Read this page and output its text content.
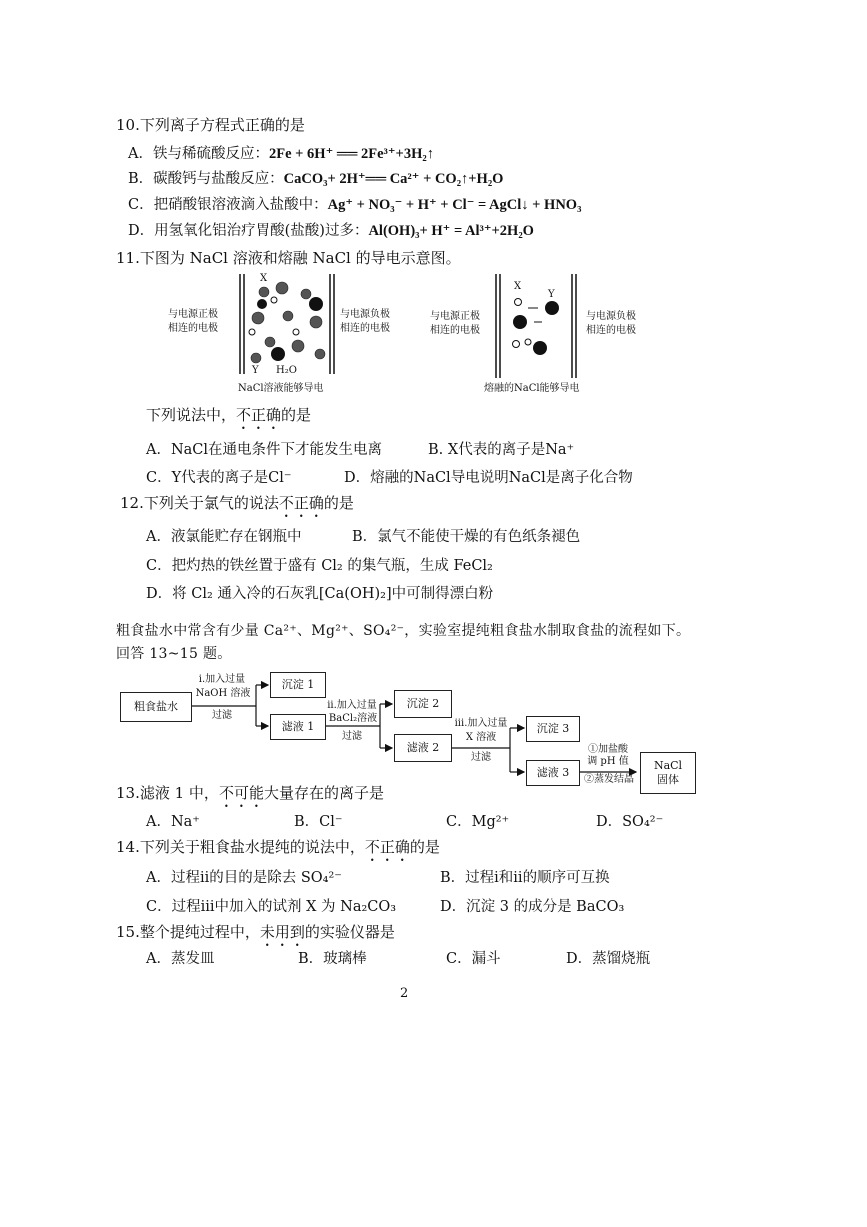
10.下列离子方程式正确的是
A．铁与稀硫酸反应：2Fe + 6H⁺ ══ 2Fe³⁺+3H₂↑
B．碳酸钙与盐酸反应：CaCO₃+ 2H⁺══ Ca²⁺ + CO₂↑+H₂O
C．把硝酸银溶液滴入盐酸中：Ag⁺ + NO₃⁻ + H⁺ + Cl⁻ = AgCl↓ + HNO₃
D．用氢氧化铝治疗胃酸(盐酸)过多：Al(OH)₃+ H⁺ = Al³⁺+2H₂O
11.下图为 NaCl 溶液和熔融 NaCl 的导电示意图。
与电源正极
相连的电极
与电源负极
相连的电极
X
Y H₂O
NaCl溶液能够导电
与电源正极
相连的电极
与电源负极
相连的电极
X
Y
熔融的NaCl能够导电
下列说法中，不正确的是
A．NaCl在通电条件下才能发生电离	B. X代表的离子是Na⁺
C．Y代表的离子是Cl⁻	D．熔融的NaCl导电说明NaCl是离子化合物
12.下列关于氯气的说法不正确的是
A．液氯能贮存在钢瓶中	B．氯气不能使干燥的有色纸条褪色
C．把灼热的铁丝置于盛有 Cl₂ 的集气瓶，生成 FeCl₂
D．将 Cl₂ 通入冷的石灰乳[Ca(OH)₂]中可制得漂白粉
粗食盐水中常含有少量 Ca²⁺、Mg²⁺、SO₄²⁻，实验室提纯粗食盐水制取食盐的流程如下。
回答 13~15 题。
粗食盐水
i.加入过量
NaOH 溶液
过滤
沉淀 1
滤液 1
ii.加入过量
BaCl₂溶液
过滤
沉淀 2
滤液 2
iii.加入过量
X 溶液
过滤
沉淀 3
滤液 3
①加盐酸
调 pH 值
②蒸发结晶
NaCl
固体
13.滤液 1 中，不可能大量存在的离子是
A．Na⁺	B．Cl⁻	C．Mg²⁺	D．SO₄²⁻
14.下列关于粗食盐水提纯的说法中，不正确的是
A．过程ii的目的是除去 SO₄²⁻	B．过程i和ii的顺序可互换
C．过程iii中加入的试剂 X 为 Na₂CO₃	D．沉淀 3 的成分是 BaCO₃
15.整个提纯过程中，未用到的实验仪器是
A．蒸发皿	B．玻璃棒	C．漏斗	D．蒸馏烧瓶
2
